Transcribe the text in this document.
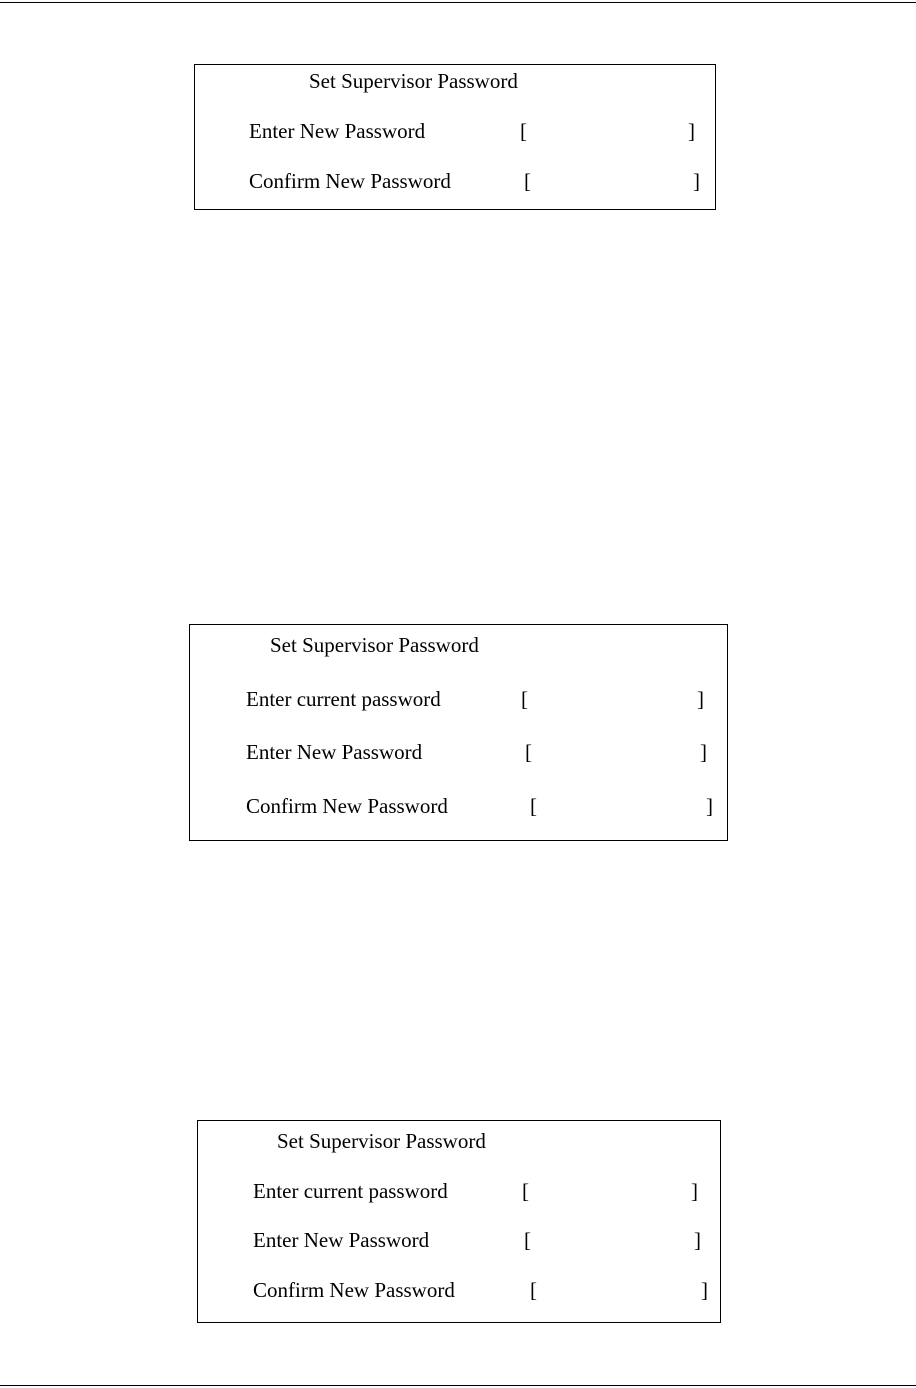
Set Supervisor Password
Enter New Password	[	]
Confirm New Password	[	]
Set Supervisor Password
Enter current password	[	]
Enter New Password	[	]
Confirm New Password	[	]
Set Supervisor Password
Enter current password	[	]
Enter New Password	[	]
Confirm New Password	[	]
